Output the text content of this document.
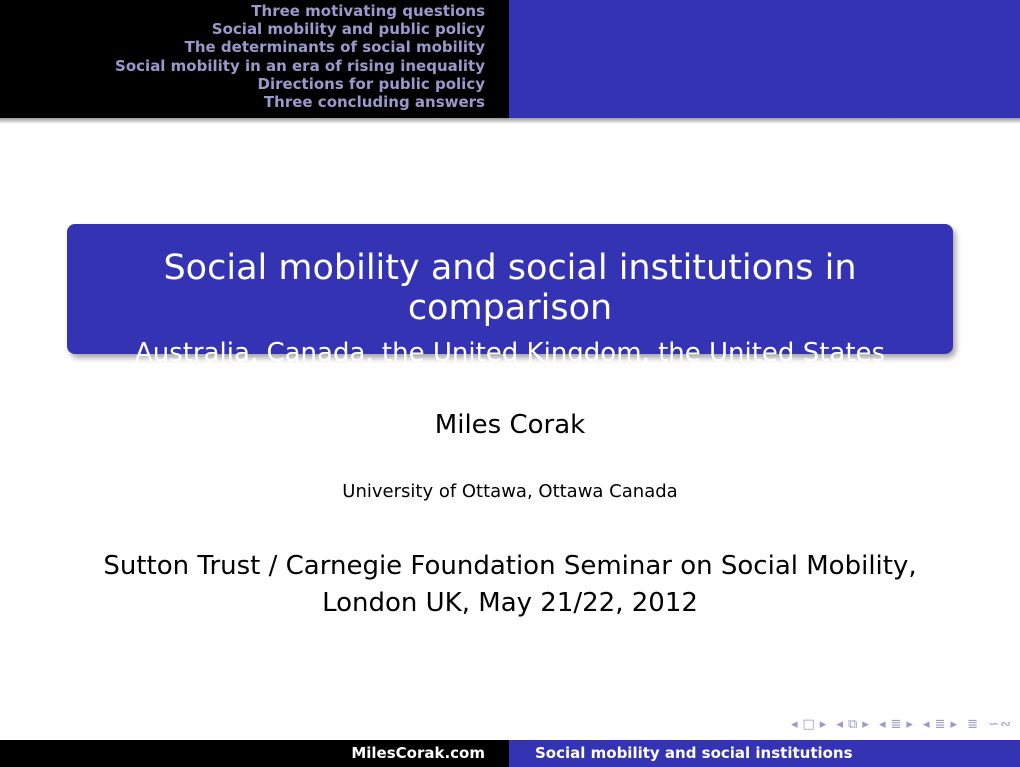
Three motivating questions
Social mobility and public policy
The determinants of social mobility
Social mobility in an era of rising inequality
Directions for public policy
Three concluding answers
Social mobility and social institutions in comparison
Australia, Canada, the United Kingdom, the United States
Miles Corak
University of Ottawa, Ottawa Canada
Sutton Trust / Carnegie Foundation Seminar on Social Mobility,
London UK, May 21/22, 2012
◂ □ ▸ ◂ ⧉ ▸ ◂ ≣ ▸ ◂ ≣ ▸ ≣ ∽∾
MilesCorak.com	Social mobility and social institutions
